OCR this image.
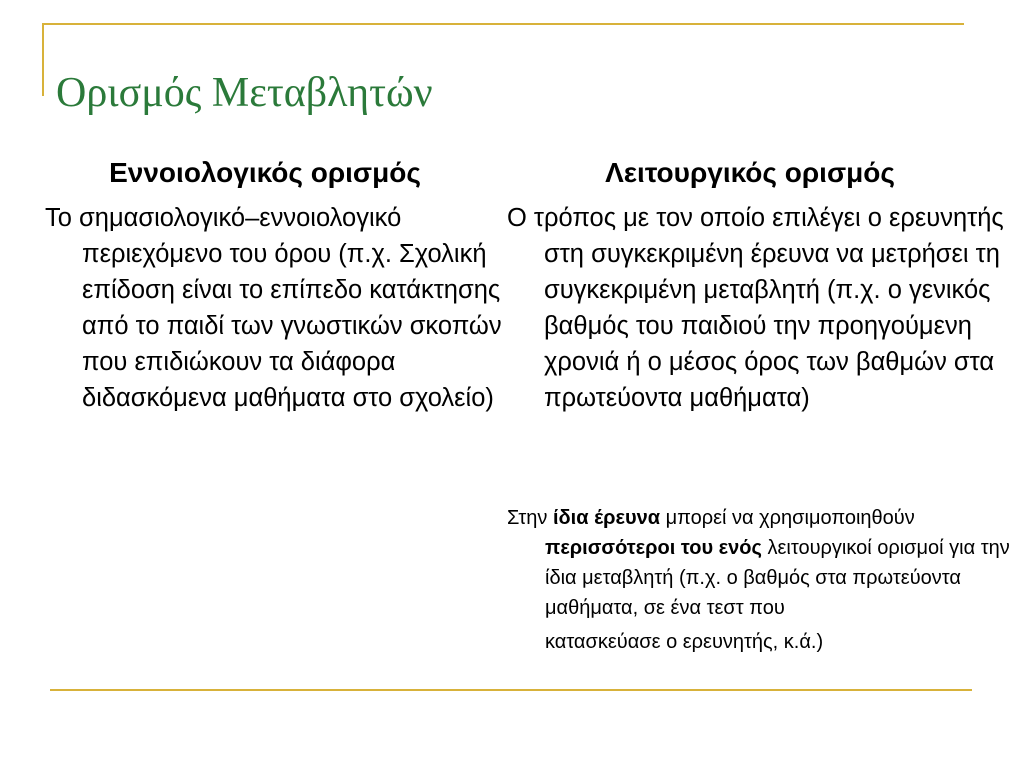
Ορισμός Μεταβλητών
Εννοιολογικός ορισμός	Λειτουργικός ορισμός
Το σημασιολογικό–εννοιολογικό περιεχόμενο του όρου (π.χ. Σχολική επίδοση είναι το επίπεδο κατάκτησης από το παιδί των γνωστικών σκοπών που επιδιώκουν τα διάφορα διδασκόμενα μαθήματα στο σχολείο)
Ο τρόπος με τον οποίο επιλέγει ο ερευνητής στη συγκεκριμένη έρευνα να μετρήσει τη συγκεκριμένη μεταβλητή (π.χ. ο γενικός βαθμός του παιδιού την προηγούμενη χρονιά ή ο μέσος όρος των βαθμών στα πρωτεύοντα μαθήματα)
Στην ίδια έρευνα μπορεί να χρησιμοποιηθούν περισσότεροι του ενός λειτουργικοί ορισμοί για την ίδια μεταβλητή (π.χ. ο βαθμός στα πρωτεύοντα μαθήματα, σε ένα τεστ που
κατασκεύασε ο ερευνητής, κ.ά.)
